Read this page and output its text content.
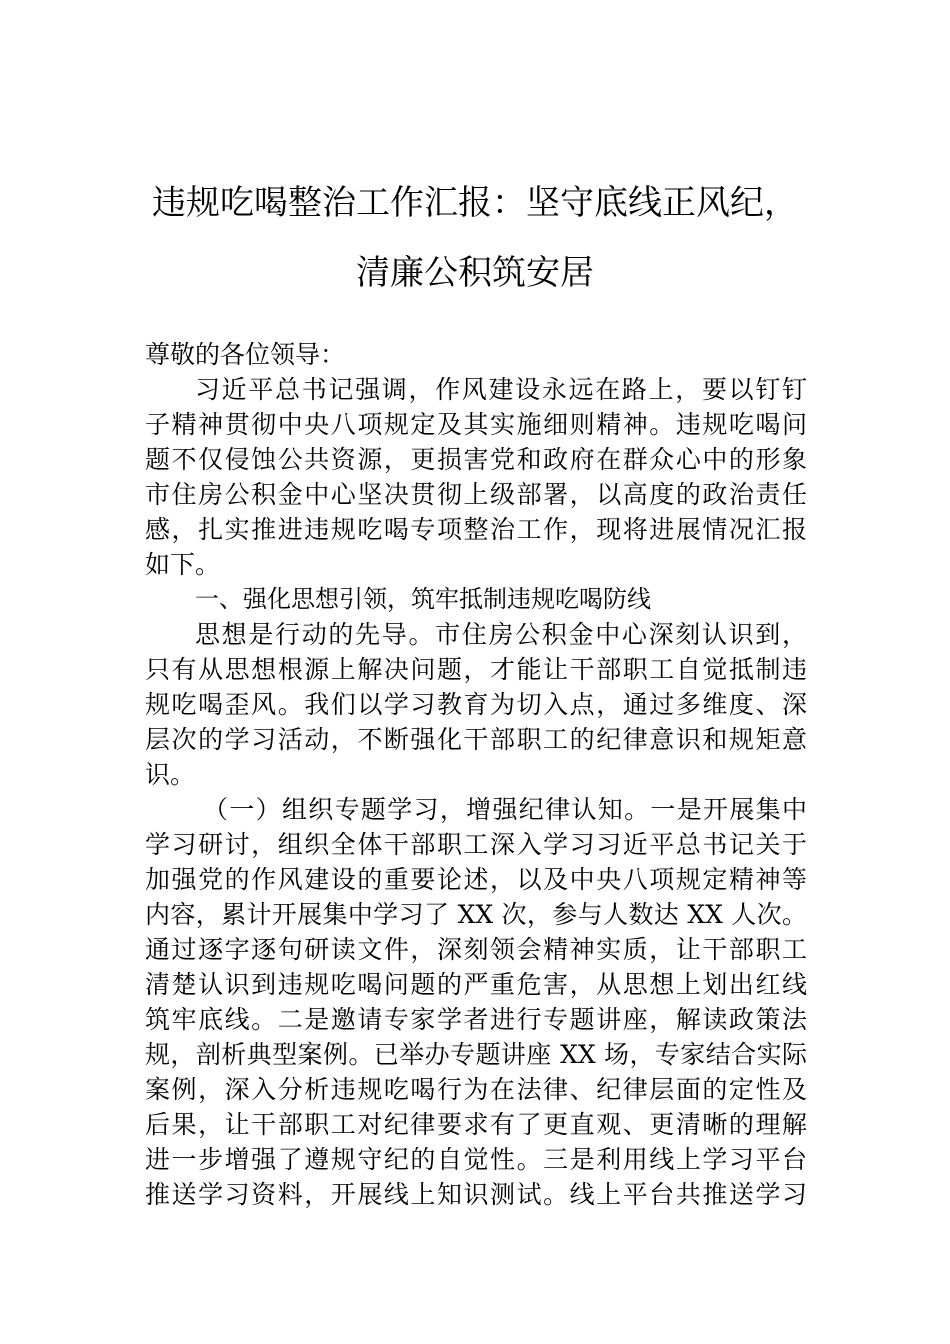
违规吃喝整治工作汇报：坚守底线正风纪，
清廉公积筑安居
尊敬的各位领导：
习近平总书记强调，作风建设永远在路上，要以钉钉
子精神贯彻中央八项规定及其实施细则精神。违规吃喝问
题不仅侵蚀公共资源，更损害党和政府在群众心中的形象
市住房公积金中心坚决贯彻上级部署，以高度的政治责任
感，扎实推进违规吃喝专项整治工作，现将进展情况汇报
如下。
一、强化思想引领，筑牢抵制违规吃喝防线
思想是行动的先导。市住房公积金中心深刻认识到，
只有从思想根源上解决问题，才能让干部职工自觉抵制违
规吃喝歪风。我们以学习教育为切入点，通过多维度、深
层次的学习活动，不断强化干部职工的纪律意识和规矩意
识。
（一）组织专题学习，增强纪律认知。一是开展集中
学习研讨，组织全体干部职工深入学习习近平总书记关于
加强党的作风建设的重要论述，以及中央八项规定精神等
内容，累计开展集中学习了 XX 次，参与人数达 XX 人次。
通过逐字逐句研读文件，深刻领会精神实质，让干部职工
清楚认识到违规吃喝问题的严重危害，从思想上划出红线
筑牢底线。二是邀请专家学者进行专题讲座，解读政策法
规，剖析典型案例。已举办专题讲座 XX 场，专家结合实际
案例，深入分析违规吃喝行为在法律、纪律层面的定性及
后果，让干部职工对纪律要求有了更直观、更清晰的理解
进一步增强了遵规守纪的自觉性。三是利用线上学习平台
推送学习资料，开展线上知识测试。线上平台共推送学习
